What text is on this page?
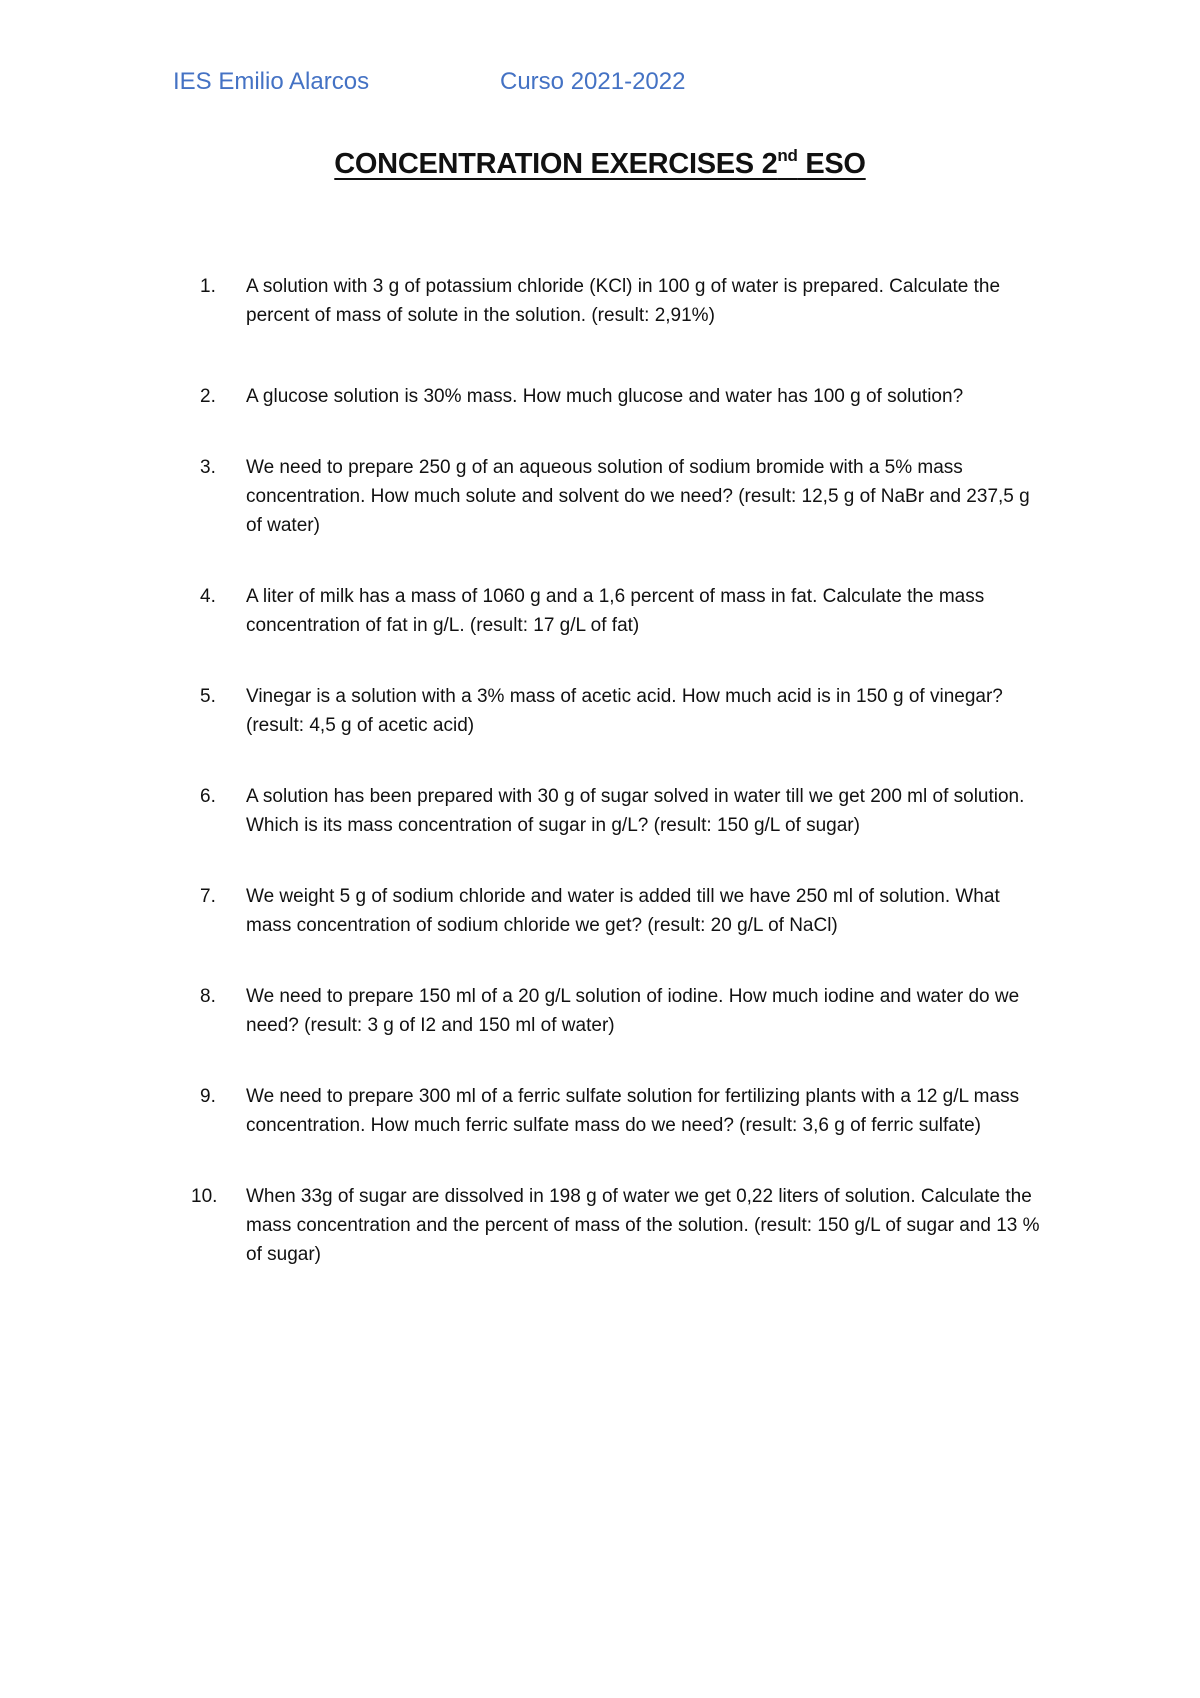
IES Emilio Alarcos	Curso 2021-2022
CONCENTRATION EXERCISES 2nd ESO
1.	A solution with 3 g of potassium chloride (KCl) in 100 g of water is prepared. Calculate the percent of mass of solute in the solution. (result: 2,91%)
2.	A glucose solution is 30% mass. How much glucose and water has 100 g of solution?
3.	We need to prepare 250 g of an aqueous solution of sodium bromide with a 5% mass concentration. How much solute and solvent do we need? (result: 12,5 g of NaBr and 237,5 g of water)
4.	A liter of milk has a mass of 1060 g and a 1,6 percent of mass in fat. Calculate the mass concentration of fat in g/L. (result: 17 g/L of fat)
5.	Vinegar is a solution with a 3% mass of acetic acid. How much acid is in 150 g of vinegar? (result: 4,5 g of acetic acid)
6.	A solution has been prepared with 30 g of sugar solved in water till we get 200 ml of solution. Which is its mass concentration of sugar in g/L? (result: 150 g/L of sugar)
7.	We weight 5 g of sodium chloride and water is added till we have 250 ml of solution. What mass concentration of sodium chloride we get? (result: 20 g/L of NaCl)
8.	We need to prepare 150 ml of a 20 g/L solution of iodine. How much iodine and water do we need? (result: 3 g of I2 and 150 ml of water)
9.	We need to prepare 300 ml of a ferric sulfate solution for fertilizing plants with a 12 g/L mass concentration. How much ferric sulfate mass do we need? (result: 3,6 g of ferric sulfate)
10.	When 33g of sugar are dissolved in 198 g of water we get 0,22 liters of solution. Calculate the mass concentration and the percent of mass of the solution. (result: 150 g/L of sugar and 13 % of sugar)
